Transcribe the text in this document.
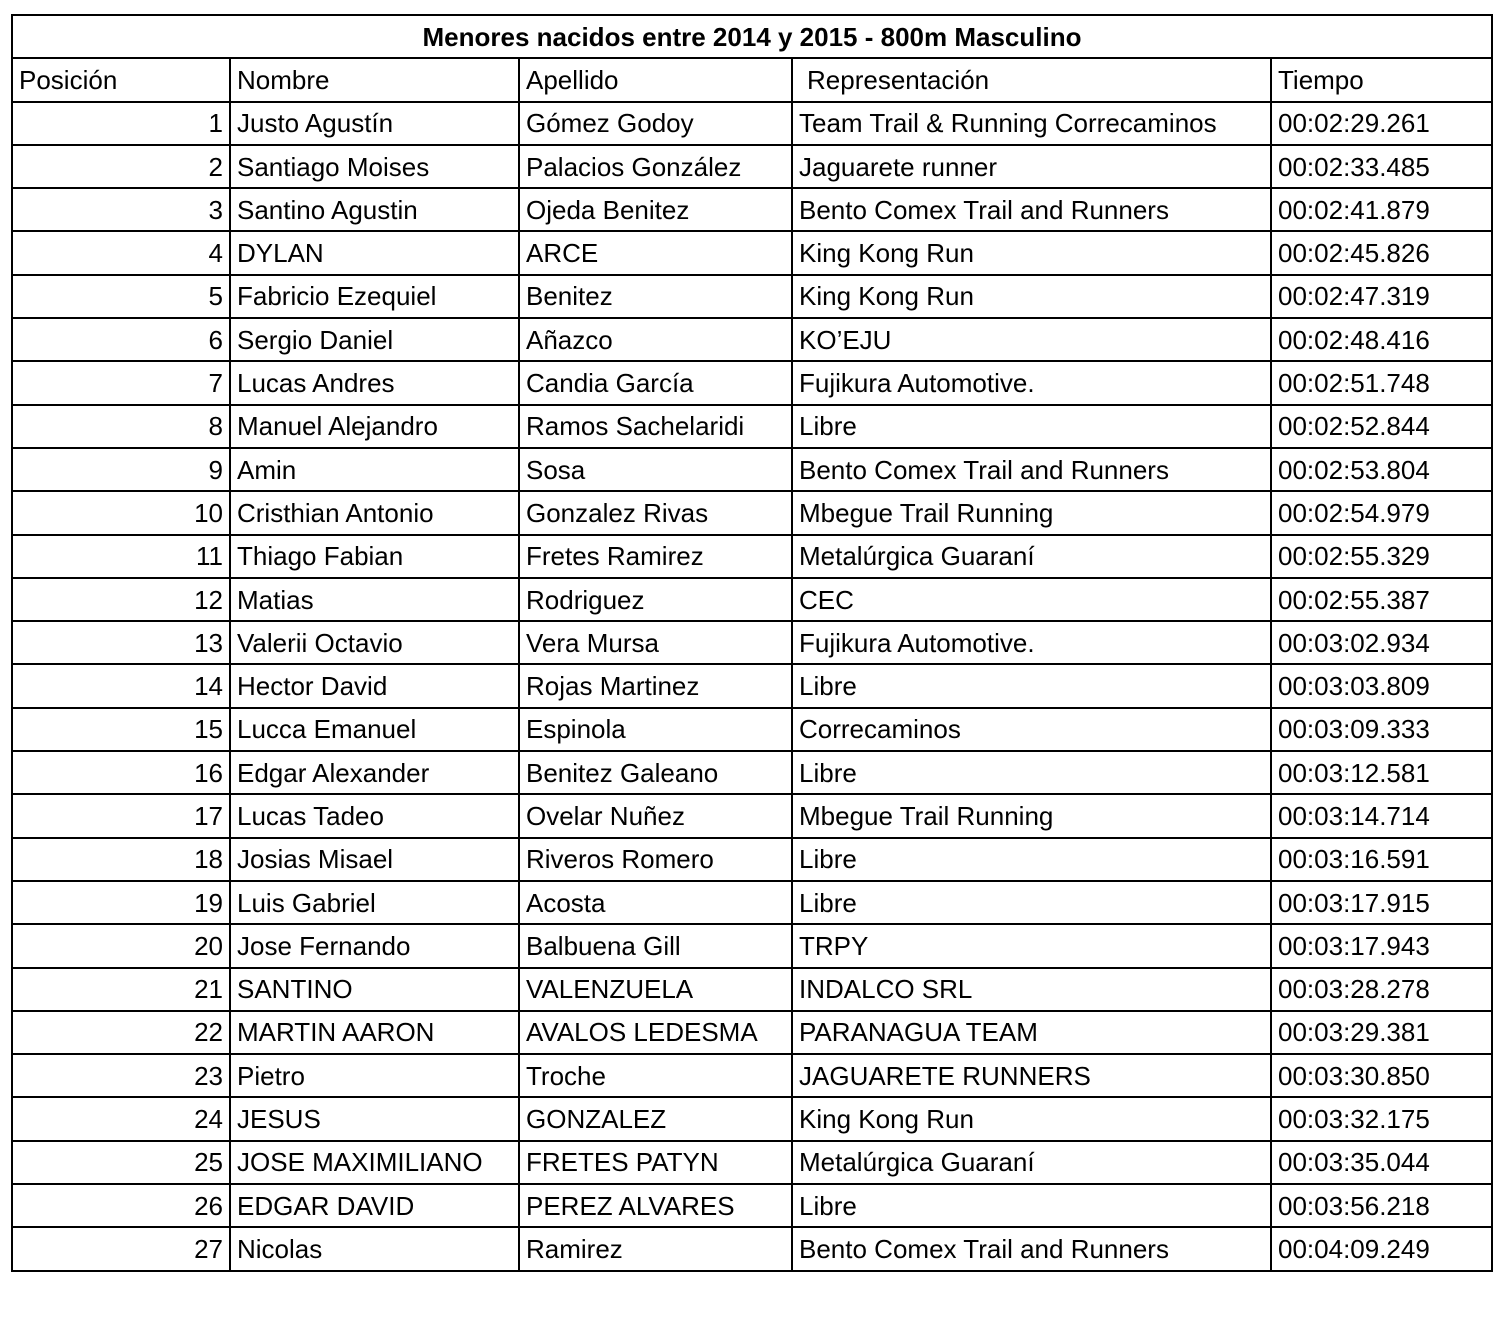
Menores nacidos entre 2014 y 2015 - 800m Masculino				
Posición	Nombre	Apellido	Representación	Tiempo
1	Justo Agustín	Gómez Godoy	Team Trail & Running Correcaminos	00:02:29.261
2	Santiago Moises	Palacios González	Jaguarete runner	00:02:33.485
3	Santino Agustin	Ojeda Benitez	Bento Comex Trail and Runners	00:02:41.879
4	DYLAN	ARCE	King Kong Run	00:02:45.826
5	Fabricio Ezequiel	Benitez	King Kong Run	00:02:47.319
6	Sergio Daniel	Añazco	KO’EJU	00:02:48.416
7	Lucas Andres	Candia García	Fujikura Automotive.	00:02:51.748
8	Manuel Alejandro	Ramos Sachelaridi	Libre	00:02:52.844
9	Amin	Sosa	Bento Comex Trail and Runners	00:02:53.804
10	Cristhian Antonio	Gonzalez Rivas	Mbegue Trail Running	00:02:54.979
11	Thiago Fabian	Fretes Ramirez	Metalúrgica Guaraní	00:02:55.329
12	Matias	Rodriguez	CEC	00:02:55.387
13	Valerii Octavio	Vera Mursa	Fujikura Automotive.	00:03:02.934
14	Hector David	Rojas Martinez	Libre	00:03:03.809
15	Lucca Emanuel	Espinola	Correcaminos	00:03:09.333
16	Edgar Alexander	Benitez Galeano	Libre	00:03:12.581
17	Lucas Tadeo	Ovelar Nuñez	Mbegue Trail Running	00:03:14.714
18	Josias Misael	Riveros Romero	Libre	00:03:16.591
19	Luis Gabriel	Acosta	Libre	00:03:17.915
20	Jose Fernando	Balbuena Gill	TRPY	00:03:17.943
21	SANTINO	VALENZUELA	INDALCO SRL	00:03:28.278
22	MARTIN AARON	AVALOS LEDESMA	PARANAGUA TEAM	00:03:29.381
23	Pietro	Troche	JAGUARETE RUNNERS	00:03:30.850
24	JESUS	GONZALEZ	King Kong Run	00:03:32.175
25	JOSE MAXIMILIANO	FRETES PATYN	Metalúrgica Guaraní	00:03:35.044
26	EDGAR DAVID	PEREZ ALVARES	Libre	00:03:56.218
27	Nicolas	Ramirez	Bento Comex Trail and Runners	00:04:09.249
